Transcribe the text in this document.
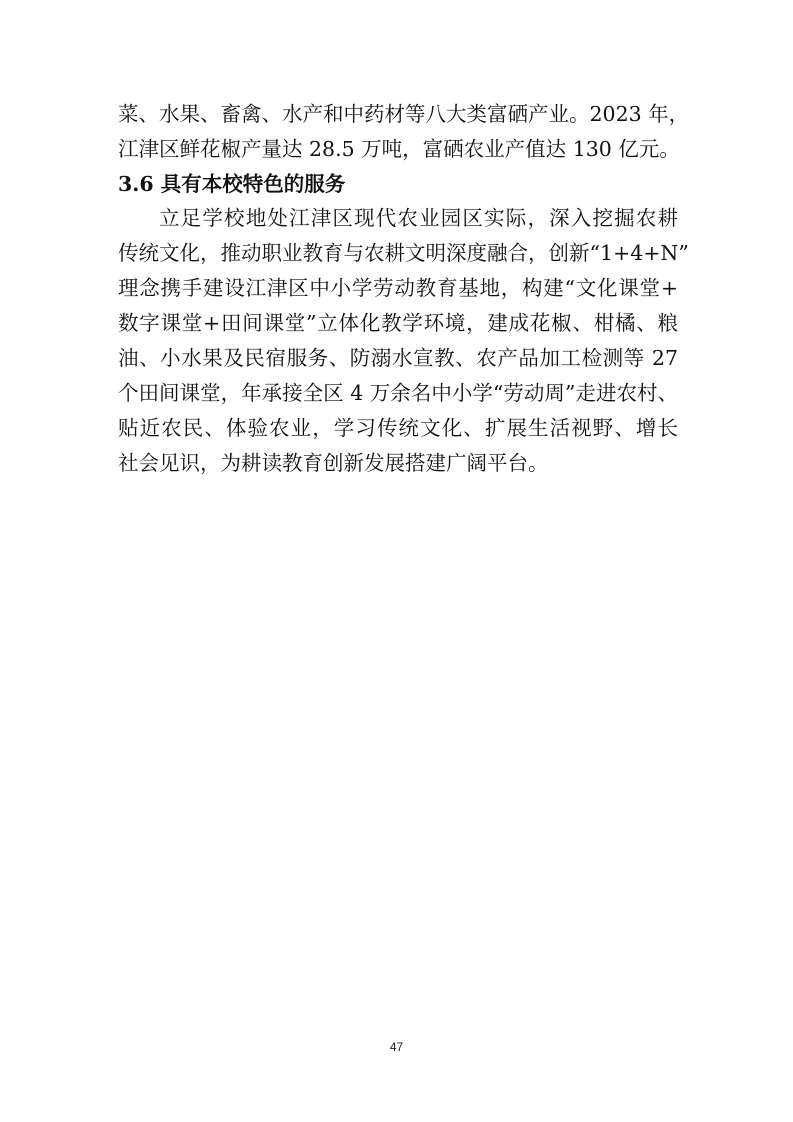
菜、水果、畜禽、水产和中药材等八大类富硒产业。2023 年，
江津区鲜花椒产量达 28.5 万吨，富硒农业产值达 130 亿元。
3.6 具有本校特色的服务
立足学校地处江津区现代农业园区实际，深入挖掘农耕
传统文化，推动职业教育与农耕文明深度融合，创新“1+4+N”
理念携手建设江津区中小学劳动教育基地，构建“文化课堂+
数字课堂+田间课堂”立体化教学环境，建成花椒、柑橘、粮
油、小水果及民宿服务、防溺水宣教、农产品加工检测等 27
个田间课堂，年承接全区 4 万余名中小学“劳动周”走进农村、
贴近农民、体验农业，学习传统文化、扩展生活视野、增长
社会见识，为耕读教育创新发展搭建广阔平台。
47
